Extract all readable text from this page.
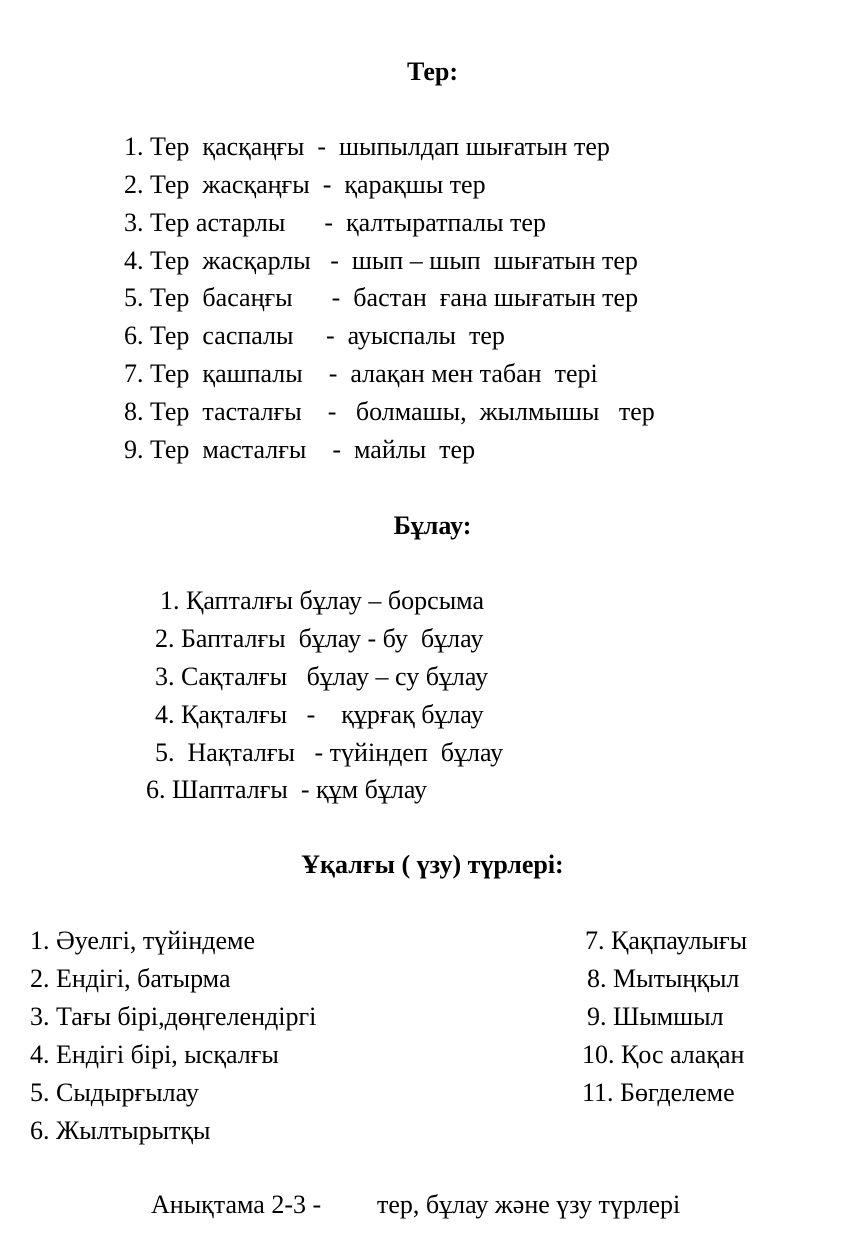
Тер:
1. Тер  қасқаңғы  -  шыпылдап шығатын тер
2. Тер  жасқаңғы  -  қарақшы тер
3. Тер астарлы      -  қалтыратпалы тер
4. Тер  жасқарлы   -  шып – шып  шығатын тер
5. Тер  басаңғы      -  бастан  ғана шығатын тер
6. Тер  саспалы     -  ауыспалы  тер
7. Тер  қашпалы    -  алақан мен табан  тері
8. Тер  тасталғы    -   болмашы,  жылмышы   тер
9. Тер  масталғы    -  майлы  тер
Бұлау:
1. Қапталғы бұлау – борсыма
2. Бапталғы  бұлау - бу  бұлау
3. Сақталғы   бұлау – су бұлау
4. Қақталғы   -    құрғақ бұлау
5.  Нақталғы   - түйіндеп  бұлау
6. Шапталғы  - құм бұлау
Ұқалғы ( үзу) түрлері:
1. Әуелгі, түйіндеме
2. Ендігі, батырма
3. Тағы бірі,дөңгелендіргі
4. Ендігі бірі, ысқалғы
5. Сыдырғылау
6. Жылтырытқы
7. Қақпаулығы
8. Мытыңқыл
9. Шымшыл
10. Қос алақан
11. Бөгделеме
Анықтама 2-3 - тер, бұлау және үзу түрлері
